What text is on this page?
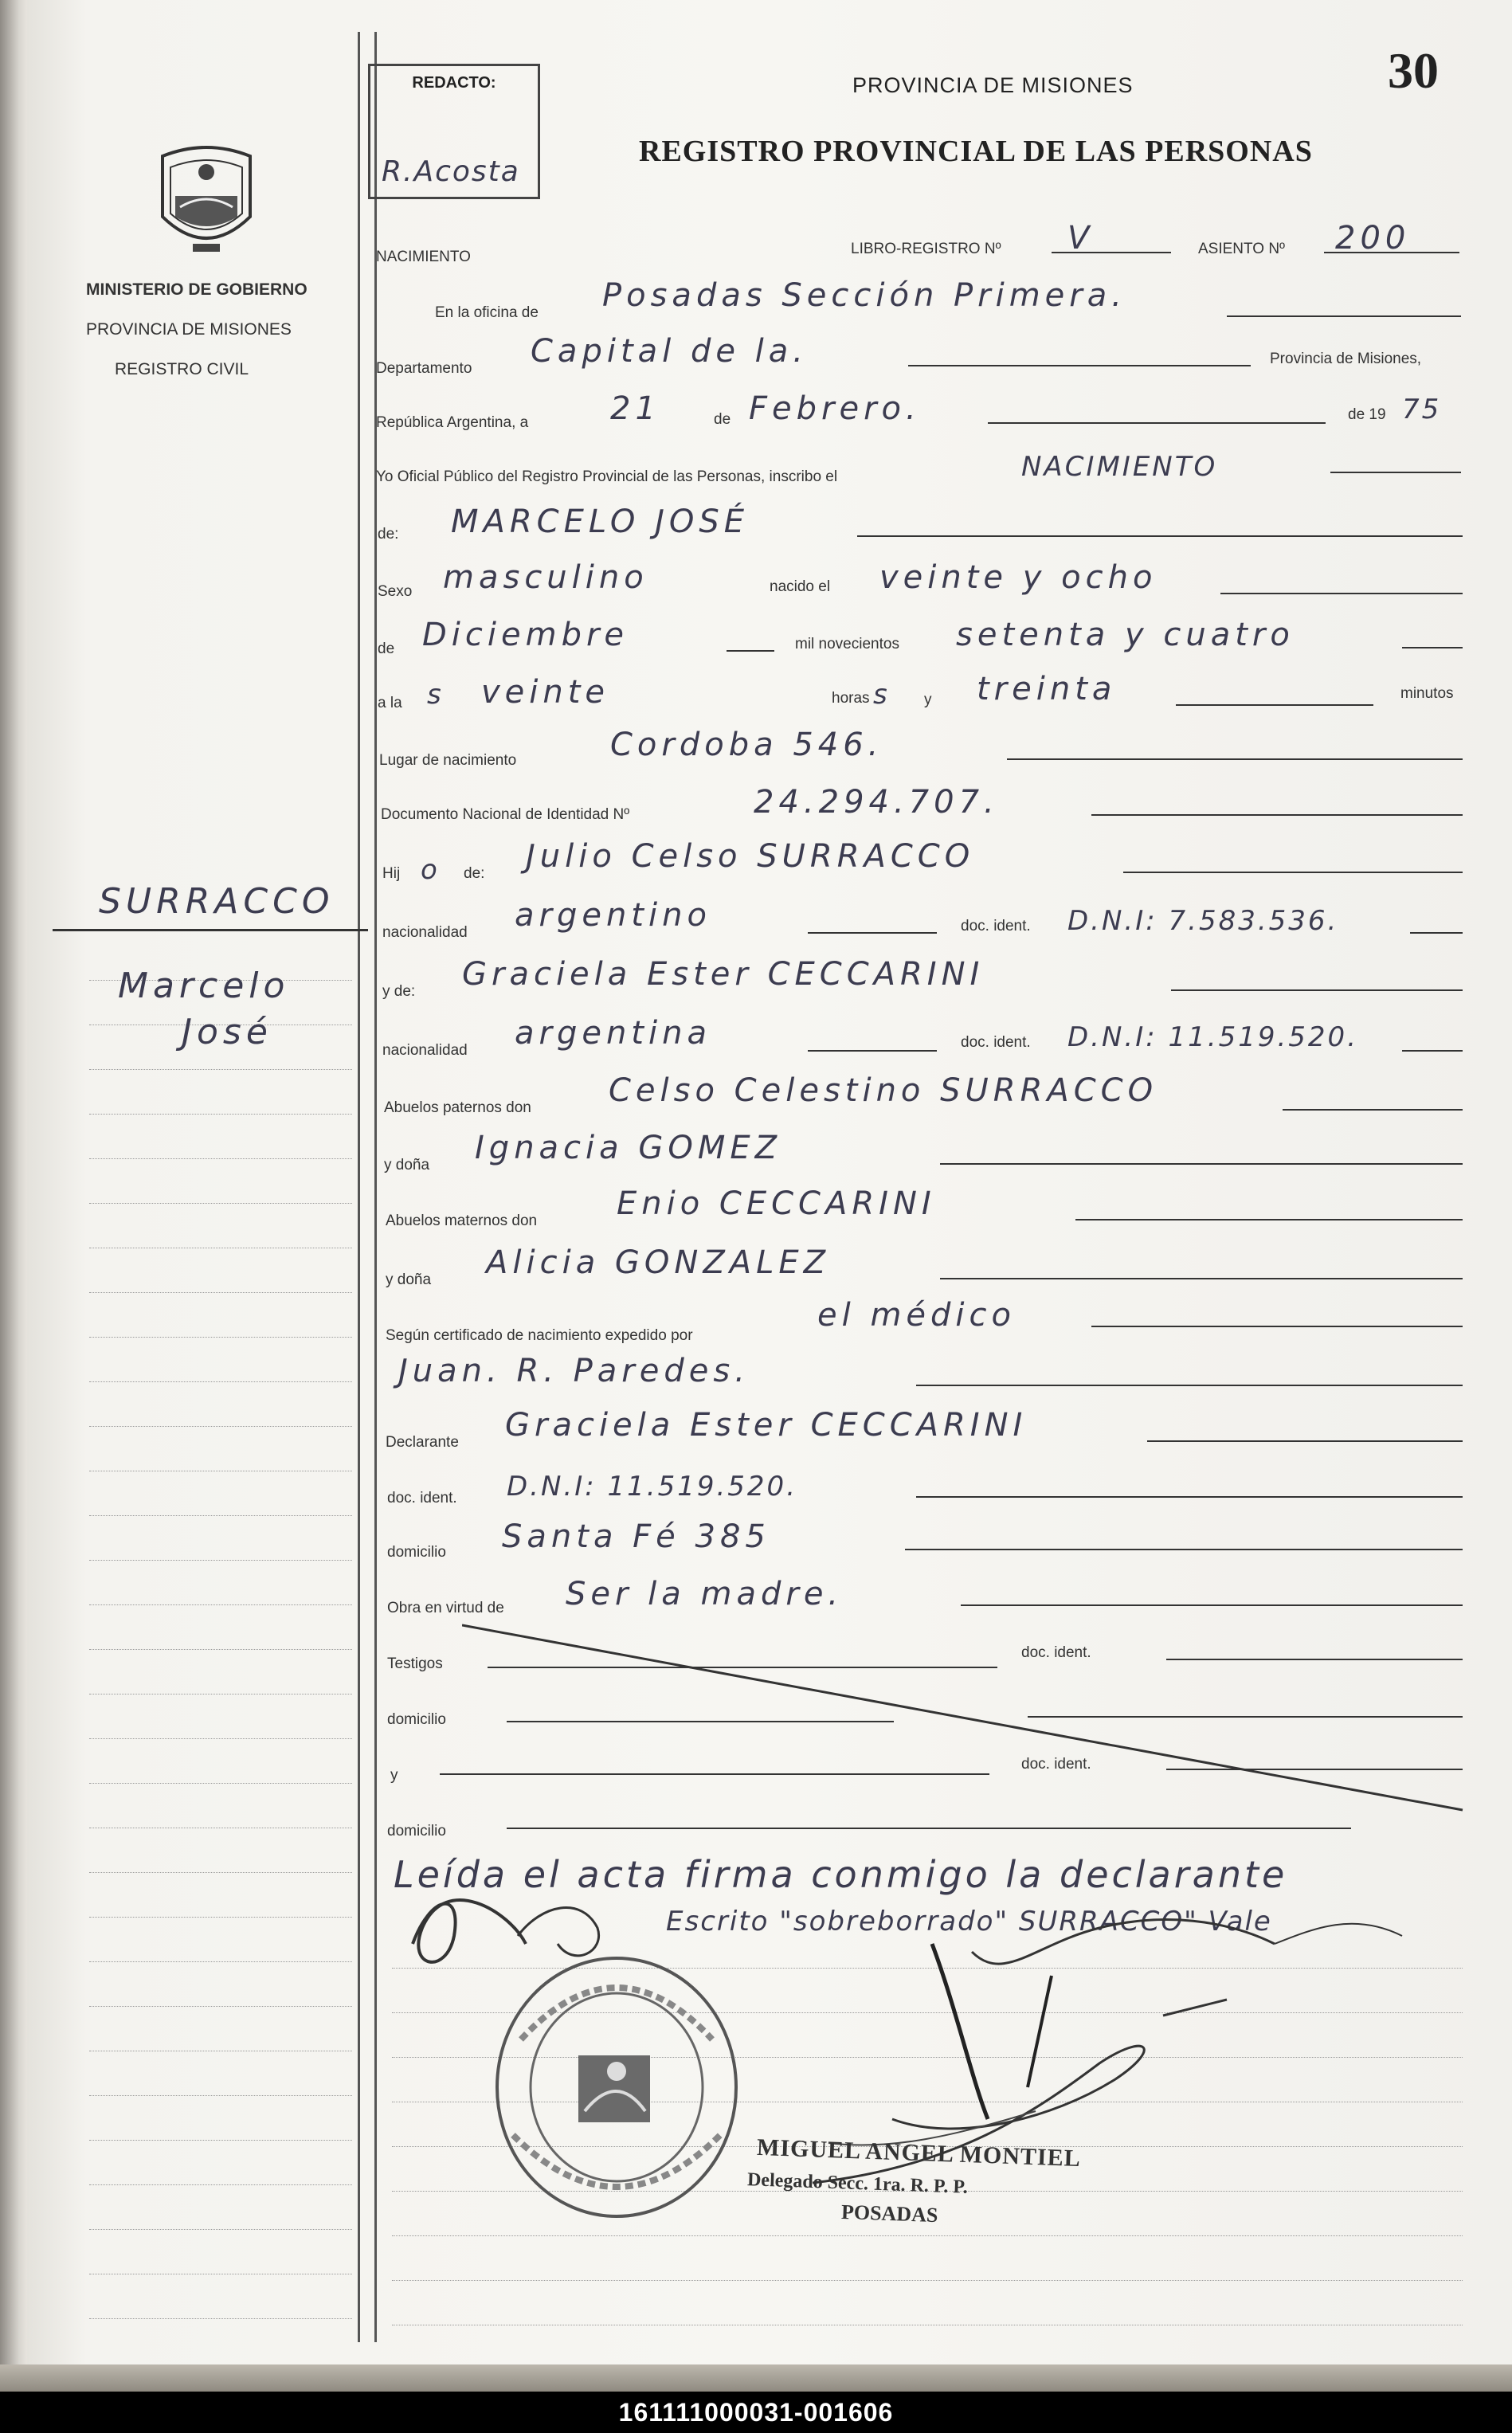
30
PROVINCIA DE MISIONES
REGISTRO PROVINCIAL DE LAS PERSONAS
REDACTO:
R.Acosta
MINISTERIO DE GOBIERNO
PROVINCIA DE MISIONES
REGISTRO CIVIL
SURRACCO
Marcelo
José
NACIMIENTO	LIBRO-REGISTRO Nº V	ASIENTO Nº 200
En la oficina de Posadas Sección Primera.
Departamento Capital de la.	Provincia de Misiones,
República Argentina, a	21	de Febrero.	de 19 75
Yo Oficial Público del Registro Provincial de las Personas, inscribo el	NACIMIENTO
de: MARCELO JOSÉ
Sexo masculino	nacido el veinte y ocho
de Diciembre	mil novecientos setenta y cuatro
a la s veinte	horas s y treinta	minutos
Lugar de nacimiento	Cordoba 546.
Documento Nacional de Identidad Nº	24.294.707.
Hij o de: Julio Celso SURRACCO
nacionalidad argentino	doc. ident. D.N.I: 7.583.536.
y de: Graciela Ester CECCARINI
nacionalidad argentina	doc. ident. D.N.I: 11.519.520.
Abuelos paternos don Celso Celestino SURRACCO
y doña Ignacia GOMEZ
Abuelos maternos don Enio CECCARINI
y doña Alicia GONZALEZ
Según certificado de nacimiento expedido por
el médico
Juan. R. Paredes.
Declarante Graciela Ester CECCARINI
doc. ident. D.N.I: 11.519.520.
domicilio Santa Fé 385
Obra en virtud de Ser la madre.
Testigos
doc. ident.
domicilio
y
doc. ident.
domicilio
Leída el acta firma conmigo la declarante
Escrito "sobreborrado" SURRACCO" Vale
MIGUEL ANGEL MONTIEL
Delegado Secc. 1ra. R. P. P.
POSADAS
161111000031-001606
